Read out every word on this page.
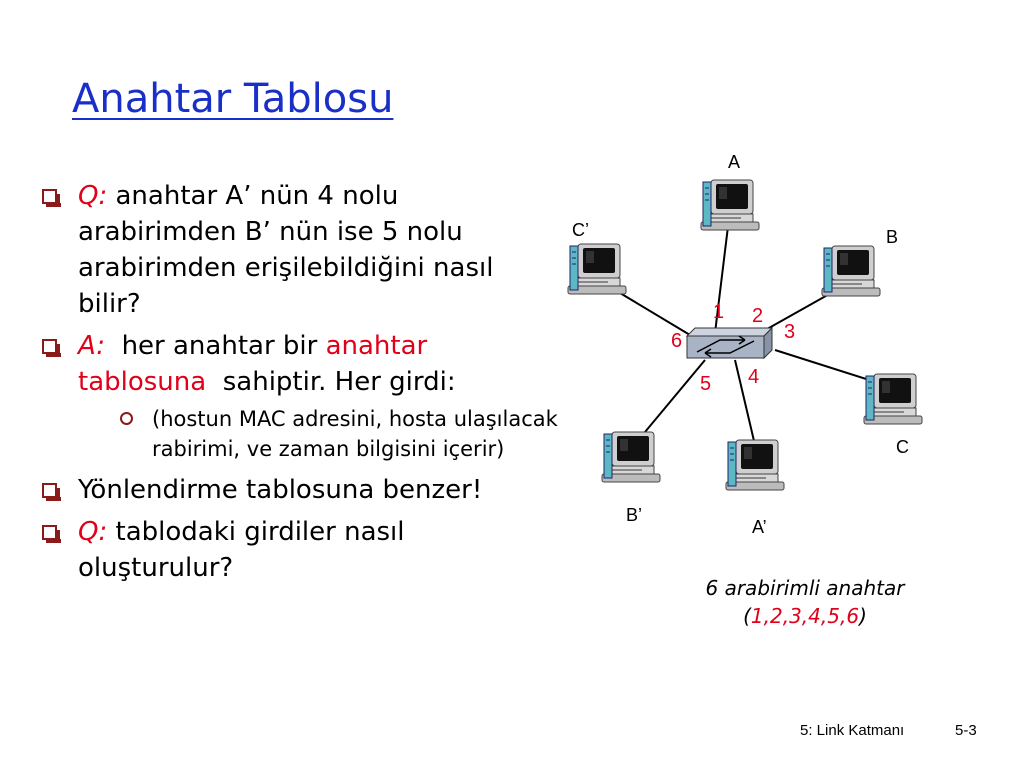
Anahtar Tablosu
Q: anahtar A’ nün 4 nolu arabirimden B’ nün ise 5 nolu arabirimden erişilebildiğini nasıl bilir?
A: her anahtar bir anahtar tablosuna sahiptir. Her girdi:
(hostun MAC adresini, hosta ulaşılacak rabirimi, ve zaman bilgisini içerir)
Yönlendirme tablosuna benzer!
Q: tablodaki girdiler nasıl oluşturulur?
A
B
C
A’
B’
C’
1 2
3
4
5
6
6 arabirimli anahtar
(1,2,3,4,5,6)
5: Link Katmanı	5-3
